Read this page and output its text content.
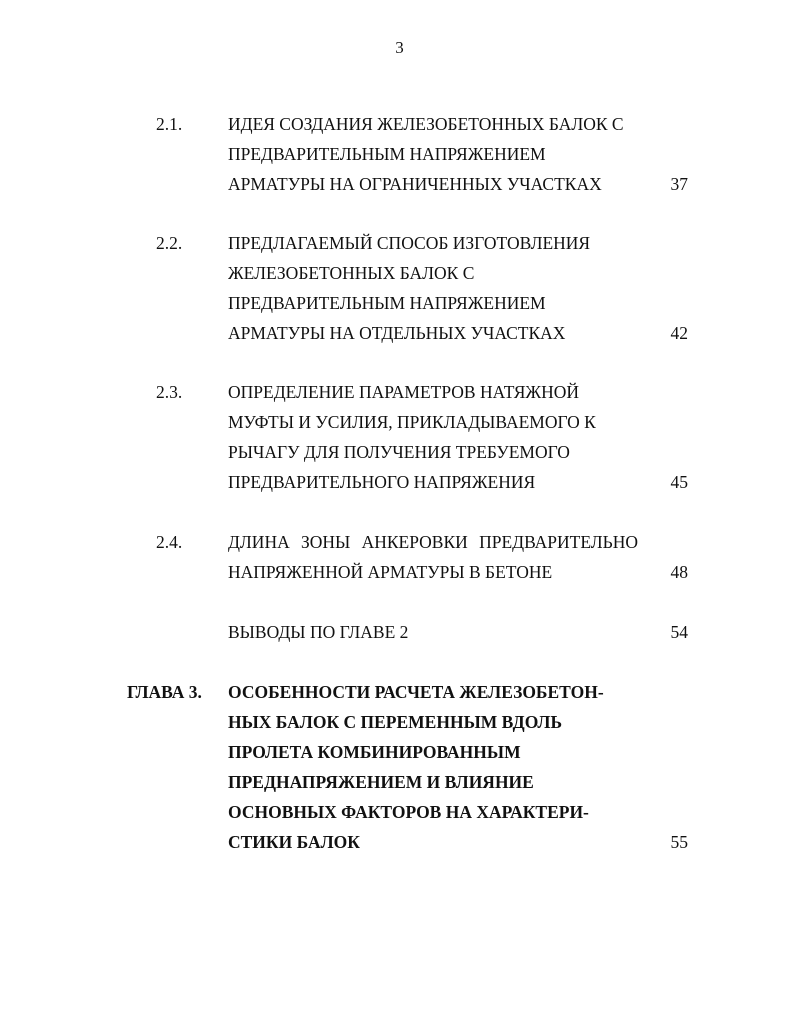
3
2.1.	ИДЕЯ СОЗДАНИЯ ЖЕЛЕЗОБЕТОННЫХ БАЛОК С
ПРЕДВАРИТЕЛЬНЫМ НАПРЯЖЕНИЕМ
АРМАТУРЫ НА ОГРАНИЧЕННЫХ УЧАСТКАХ	37
2.2.	ПРЕДЛАГАЕМЫЙ СПОСОБ ИЗГОТОВЛЕНИЯ
ЖЕЛЕЗОБЕТОННЫХ БАЛОК С
ПРЕДВАРИТЕЛЬНЫМ НАПРЯЖЕНИЕМ
АРМАТУРЫ НА ОТДЕЛЬНЫХ УЧАСТКАХ	42
2.3.	ОПРЕДЕЛЕНИЕ ПАРАМЕТРОВ НАТЯЖНОЙ
МУФТЫ И УСИЛИЯ, ПРИКЛАДЫВАЕМОГО К
РЫЧАГУ ДЛЯ ПОЛУЧЕНИЯ ТРЕБУЕМОГО
ПРЕДВАРИТЕЛЬНОГО НАПРЯЖЕНИЯ	45
2.4.	ДЛИНА ЗОНЫ АНКЕРОВКИ ПРЕДВАРИТЕЛЬНО
НАПРЯЖЕННОЙ АРМАТУРЫ В БЕТОНЕ	48
ВЫВОДЫ ПО ГЛАВЕ 2	54
ГЛАВА 3. ОСОБЕННОСТИ РАСЧЕТА ЖЕЛЕЗОБЕТОН-
НЫХ БАЛОК С ПЕРЕМЕННЫМ ВДОЛЬ
ПРОЛЕТА КОМБИНИРОВАННЫМ
ПРЕДНАПРЯЖЕНИЕМ И ВЛИЯНИЕ
ОСНОВНЫХ ФАКТОРОВ НА ХАРАКТЕРИ-
СТИКИ БАЛОК	55
